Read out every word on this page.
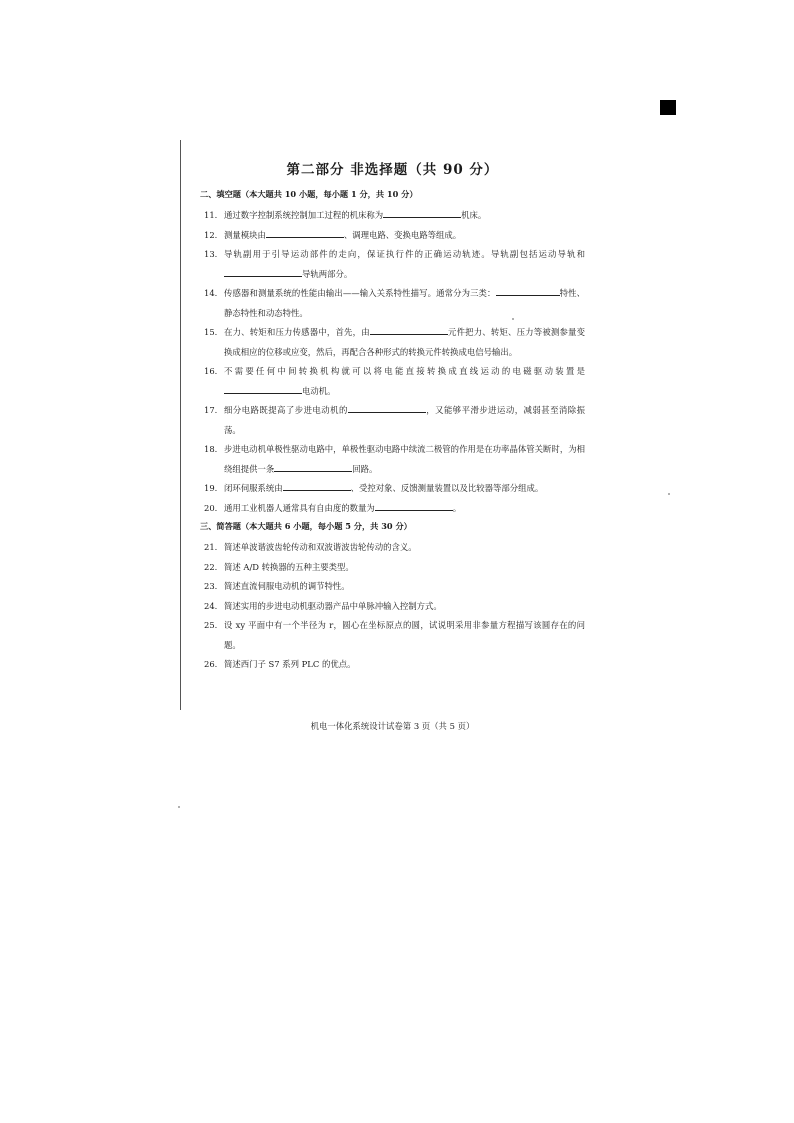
第二部分 非选择题（共 90 分）
二、填空题（本大题共 10 小题，每小题 1 分，共 10 分）
11. 通过数字控制系统控制加工过程的机床称为	机床。
12. 测量模块由	、调理电路、变换电路等组成。
13. 导轨副用于引导运动部件的走向，保证执行件的正确运动轨迹。导轨副包括运动导轨和导轨两部分。
14. 传感器和测量系统的性能由输出——输入关系特性描写。通常分为三类：	特性、静态特性和动态特性。
15. 在力、转矩和压力传感器中，首先，由	元件把力、转矩、压力等被测参量变换成相应的位移或应变，然后，再配合各种形式的转换元件转换成电信号输出。
16. 不需要任何中间转换机构就可以将电能直接转换成直线运动的电磁驱动装置是电动机。
17. 细分电路既提高了步进电动机的	，又能够平滑步进运动，减弱甚至消除振荡。
18. 步进电动机单极性驱动电路中，单极性驱动电路中续流二极管的作用是在功率晶体管关断时，为相绕组提供一条	回路。
19. 闭环伺服系统由	、受控对象、反馈测量装置以及比较器等部分组成。
20. 通用工业机器人通常具有自由度的数量为	。
三、简答题（本大题共 6 小题，每小题 5 分，共 30 分）
21. 简述单波谐波齿轮传动和双波谐波齿轮传动的含义。
22. 简述 A/D 转换器的五种主要类型。
23. 简述直流伺服电动机的调节特性。
24. 简述实用的步进电动机驱动器产品中单脉冲输入控制方式。
25. 设 xy 平面中有一个半径为 r，圆心在坐标原点的圆，试说明采用非参量方程描写该圆存在的问题。
26. 简述西门子 S7 系列 PLC 的优点。
机电一体化系统设计试卷第 3 页（共 5 页）
